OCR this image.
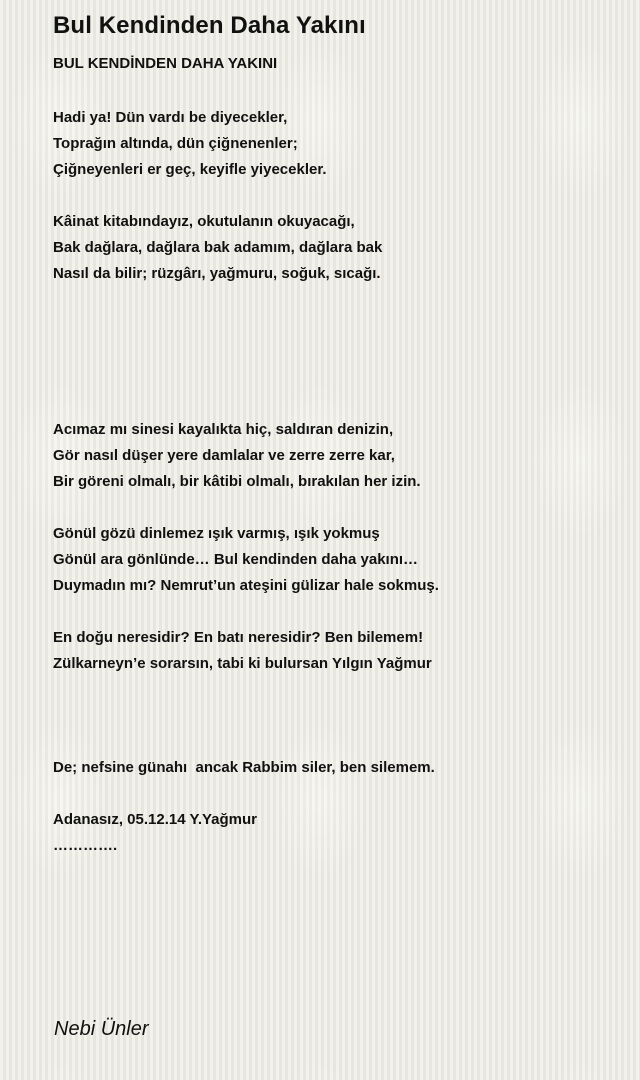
Bul Kendinden Daha Yakını
BUL KENDİNDEN DAHA YAKINI
Hadi ya! Dün vardı be diyecekler,
Toprağın altında, dün çiğnenenler;
Çiğneyenleri er geç, keyifle yiyecekler.
Kâinat kitabındayız, okutulanın okuyacağı,
Bak dağlara, dağlara bak adamım, dağlara bak
Nasıl da bilir; rüzgârı, yağmuru, soğuk, sıcağı.
Acımaz mı sinesi kayalıkta hiç, saldıran denizin,
Gör nasıl düşer yere damlalar ve zerre zerre kar,
Bir göreni olmalı, bir kâtibi olmalı, bırakılan her izin.
Gönül gözü dinlemez ışık varmış, ışık yokmuş
Gönül ara gönlünde… Bul kendinden daha yakını…
Duymadın mı? Nemrut’un ateşini gülizar hale sokmuş.
En doğu neresidir? En batı neresidir? Ben bilemem!
Zülkarneyn’e sorarsın, tabi ki bulursan Yılgın Yağmur
De; nefsine günahı  ancak Rabbim siler, ben silemem.
Adanasız, 05.12.14 Y.Yağmur
………….
Nebi Ünler
